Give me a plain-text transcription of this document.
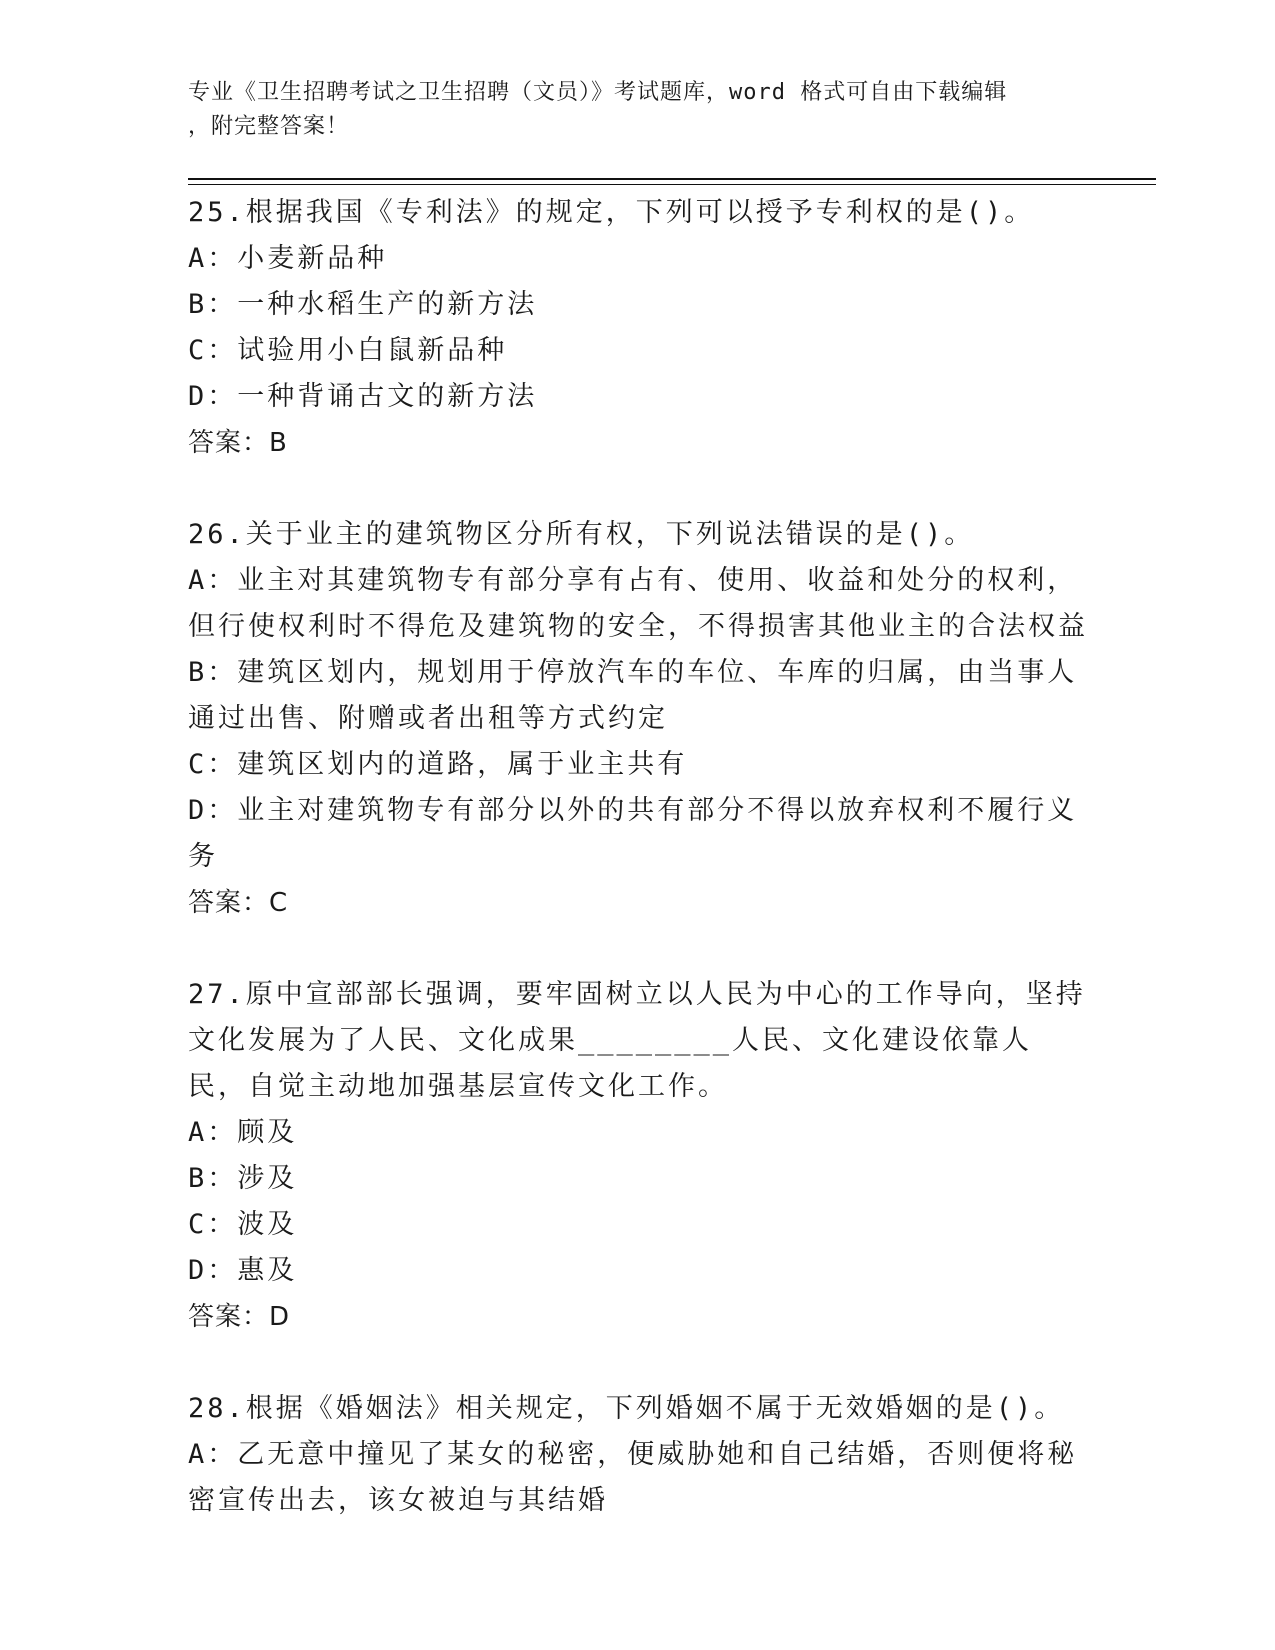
专业《卫生招聘考试之卫生招聘（文员）》考试题库，word 格式可自由下载编辑
，附完整答案！
25.根据我国《专利法》的规定，下列可以授予专利权的是()。
A：小麦新品种
B：一种水稻生产的新方法
C：试验用小白鼠新品种
D：一种背诵古文的新方法
答案：B
26.关于业主的建筑物区分所有权，下列说法错误的是()。
A：业主对其建筑物专有部分享有占有、使用、收益和处分的权利，但行使权利时不得危及建筑物的安全，不得损害其他业主的合法权益
B：建筑区划内，规划用于停放汽车的车位、车库的归属，由当事人通过出售、附赠或者出租等方式约定
C：建筑区划内的道路，属于业主共有
D：业主对建筑物专有部分以外的共有部分不得以放弃权利不履行义务
答案：C
27.原中宣部部长强调，要牢固树立以人民为中心的工作导向，坚持文化发展为了人民、文化成果________人民、文化建设依靠人民，自觉主动地加强基层宣传文化工作。
A：顾及
B：涉及
C：波及
D：惠及
答案：D
28.根据《婚姻法》相关规定，下列婚姻不属于无效婚姻的是()。
A：乙无意中撞见了某女的秘密，便威胁她和自己结婚，否则便将秘密宣传出去，该女被迫与其结婚
